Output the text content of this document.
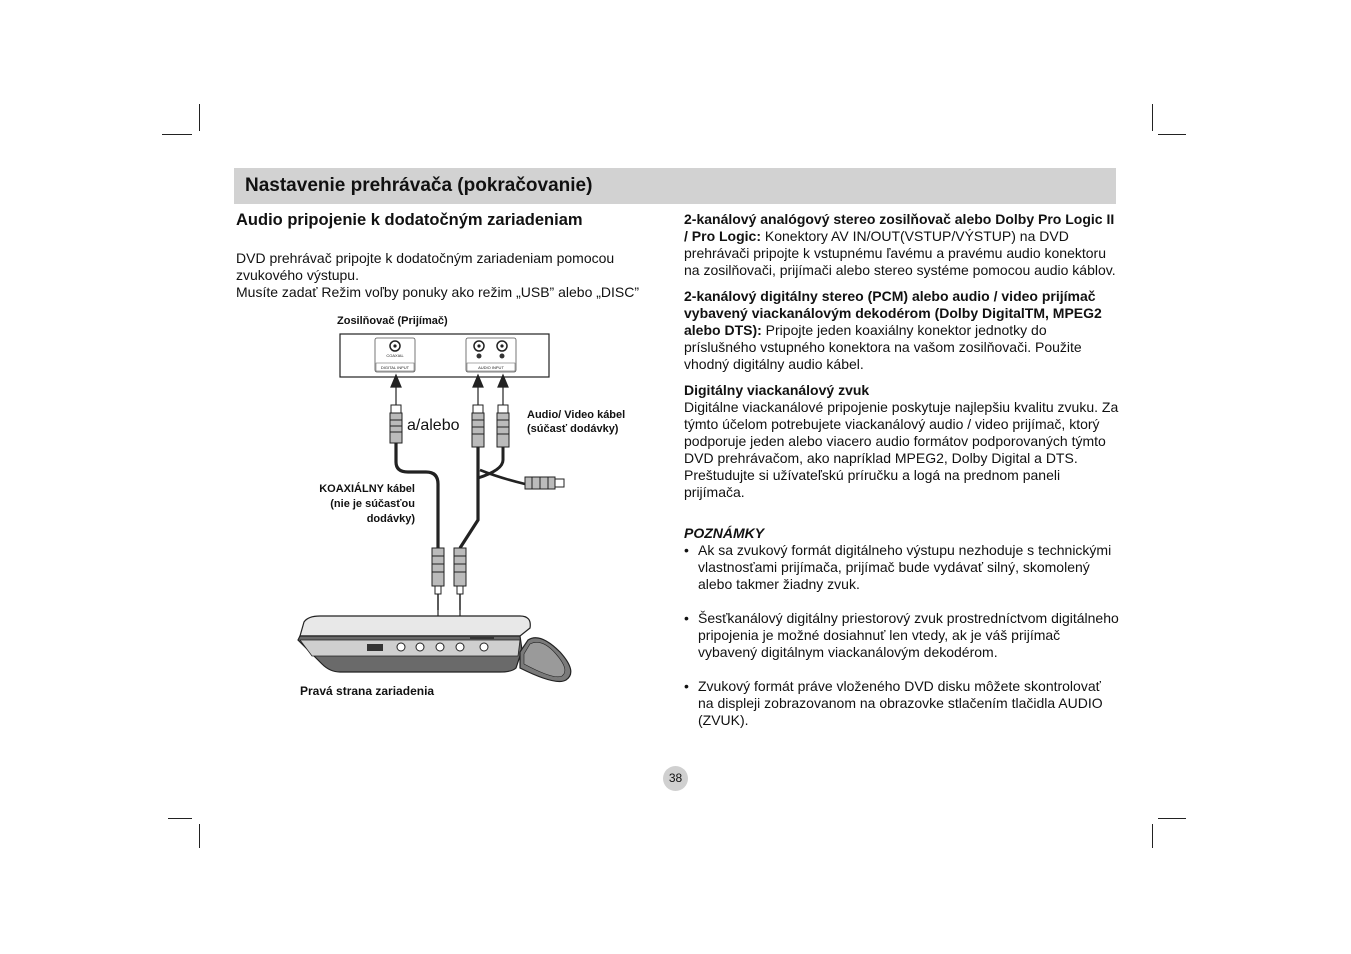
Nastavenie prehrávača (pokračovanie)
Audio pripojenie k dodatočným zariadeniam

DVD prehrávač pripojte k dodatočným zariadeniam pomocou zvukového výstupu.

Musíte zadať Režim voľby ponuky ako režim „USB” alebo „DISC”

Zosilňovač (Prijímač)
Audio/ Video kábel
(súčasť dodávky)
KOAXIÁLNY kábel
(nie je súčasťou
dodávky)
a/alebo
Pravá strana zariadenia
COAXIAL
DIGITAL INPUT	AUDIO INPUT

2-kanálový analógový stereo zosilňovač alebo Dolby Pro Logic II / Pro Logic: Konektory AV IN/OUT(VSTUP/VÝSTUP) na DVD prehrávači pripojte k vstupnému ľavému a pravému audio konektoru na zosilňovači, prijímači alebo stereo systéme pomocou audio káblov.

2-kanálový digitálny stereo (PCM) alebo audio / video prijímač vybavený viackanálovým dekodérom (Dolby DigitalTM, MPEG2 alebo DTS): Pripojte jeden koaxiálny konektor jednotky do príslušného vstupného konektora na vašom zosilňovači. Použite vhodný digitálny audio kábel.

Digitálny viackanálový zvuk
Digitálne viackanálové pripojenie poskytuje najlepšiu kvalitu zvuku. Za týmto účelom potrebujete viackanálový audio / video prijímač, ktorý podporuje jeden alebo viacero audio formátov podporovaných týmto DVD prehrávačom, ako napríklad MPEG2, Dolby Digital a DTS. Preštudujte si užívateľskú príručku a logá na prednom paneli prijímača.

POZNÁMKY
• Ak sa zvukový formát digitálneho výstupu nezhoduje s technickými vlastnosťami prijímača, prijímač bude vydávať silný, skomolený alebo takmer žiadny zvuk.
• Šesťkanálový digitálny priestorový zvuk prostredníctvom digitálneho pripojenia je možné dosiahnuť len vtedy, ak je váš prijímač vybavený digitálnym viackanálovým dekodérom.
• Zvukový formát práve vloženého DVD disku môžete skontrolovať na displeji zobrazovanom na obrazovke stlačením tlačidla AUDIO (ZVUK).
38
